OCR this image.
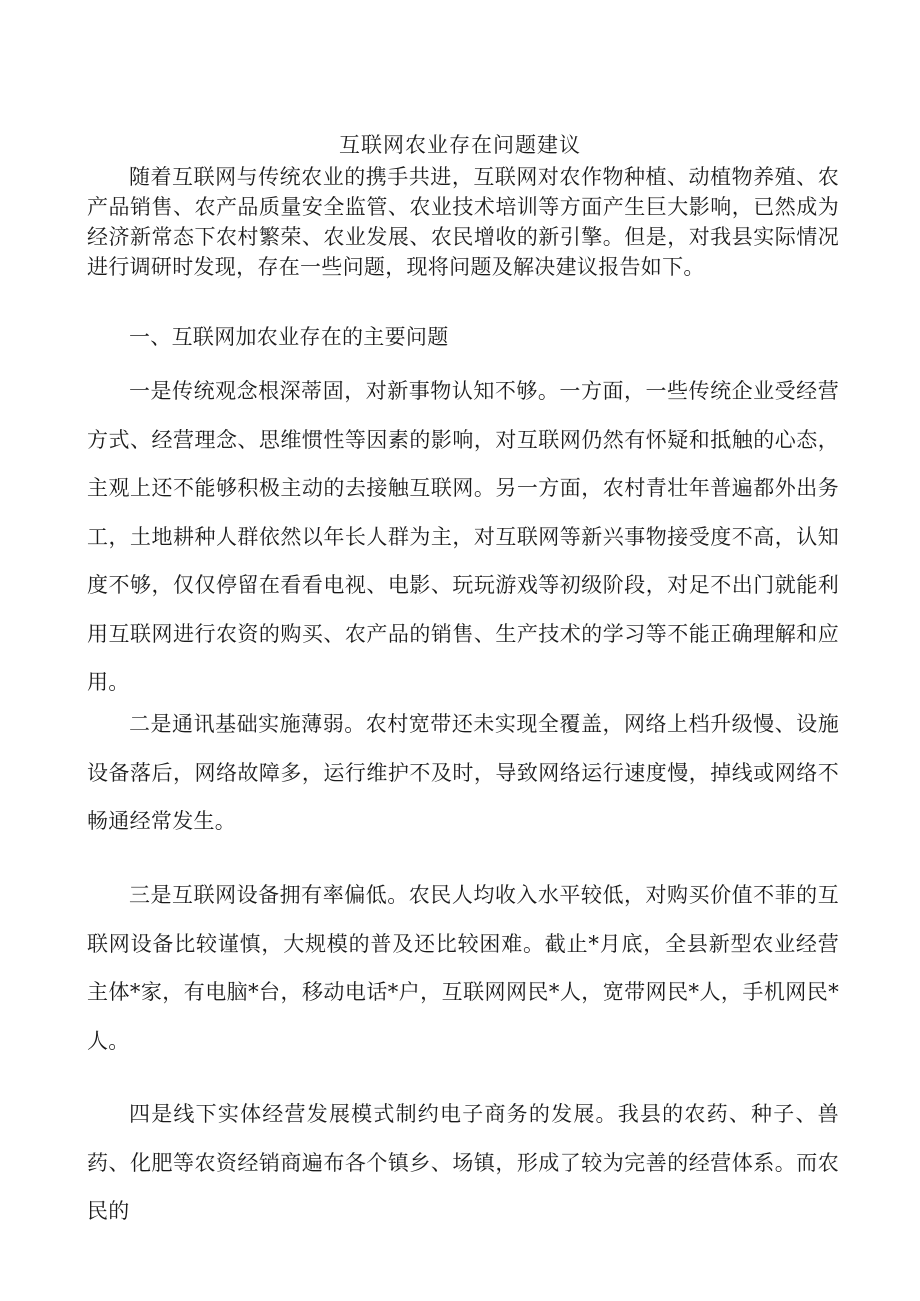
互联网农业存在问题建议

随着互联网与传统农业的携手共进，互联网对农作物种植、动植物养殖、农产品销售、农产品质量安全监管、农业技术培训等方面产生巨大影响，已然成为经济新常态下农村繁荣、农业发展、农民增收的新引擎。但是，对我县实际情况进行调研时发现，存在一些问题，现将问题及解决建议报告如下。

一、互联网加农业存在的主要问题

一是传统观念根深蒂固，对新事物认知不够。一方面，一些传统企业受经营方式、经营理念、思维惯性等因素的影响，对互联网仍然有怀疑和抵触的心态，主观上还不能够积极主动的去接触互联网。另一方面，农村青壮年普遍都外出务工，土地耕种人群依然以年长人群为主，对互联网等新兴事物接受度不高，认知度不够，仅仅停留在看看电视、电影、玩玩游戏等初级阶段，对足不出门就能利用互联网进行农资的购买、农产品的销售、生产技术的学习等不能正确理解和应用。

二是通讯基础实施薄弱。农村宽带还未实现全覆盖，网络上档升级慢、设施设备落后，网络故障多，运行维护不及时，导致网络运行速度慢，掉线或网络不畅通经常发生。

三是互联网设备拥有率偏低。农民人均收入水平较低，对购买价值不菲的互联网设备比较谨慎，大规模的普及还比较困难。截止*月底，全县新型农业经营主体*家，有电脑*台，移动电话*户，互联网网民*人，宽带网民*人，手机网民*人。

四是线下实体经营发展模式制约电子商务的发展。我县的农药、种子、兽药、化肥等农资经销商遍布各个镇乡、场镇，形成了较为完善的经营体系。而农民的
